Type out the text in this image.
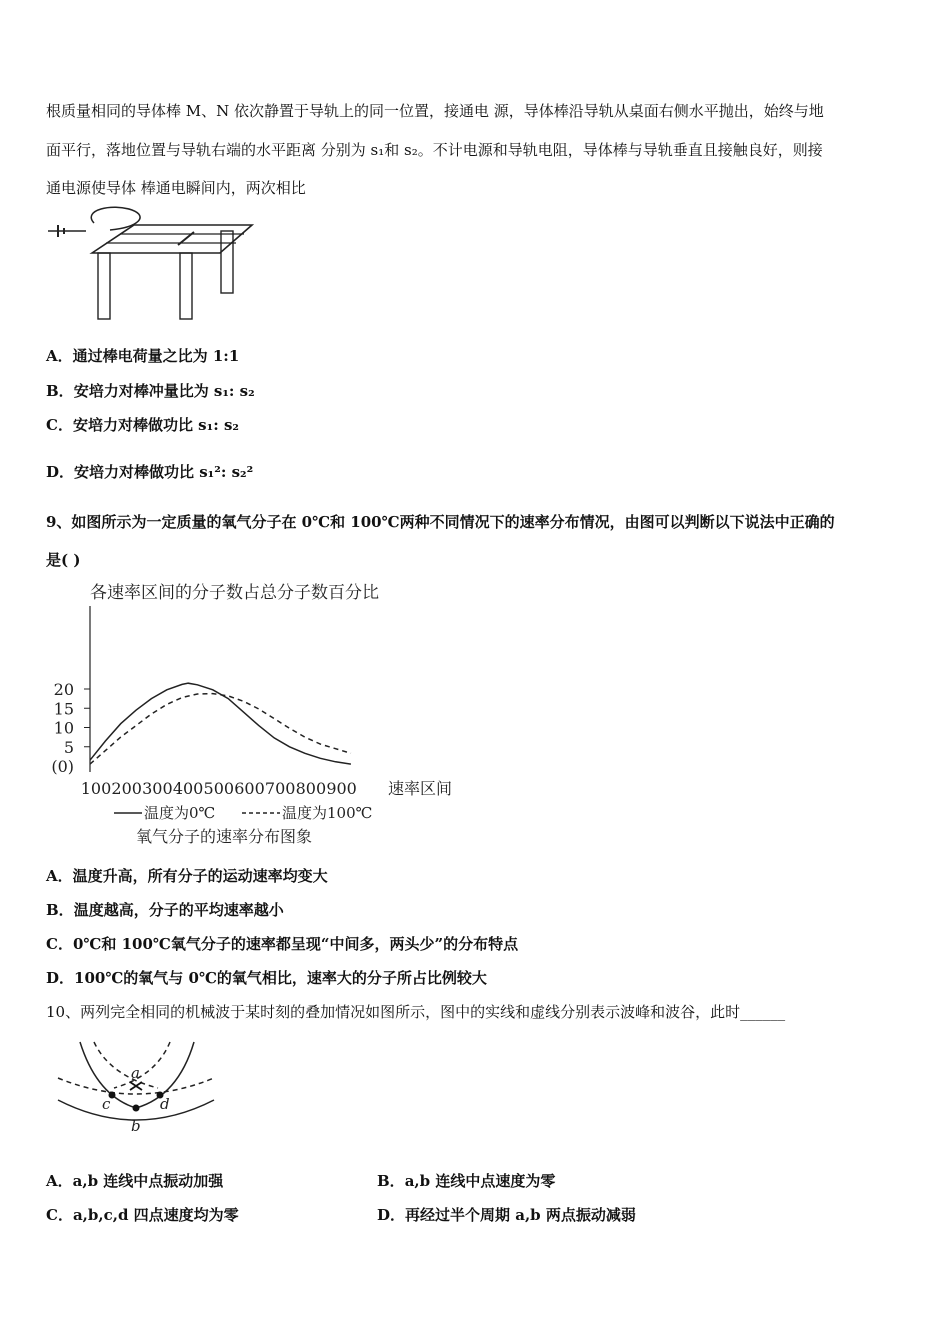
根质量相同的导体棒 M、N 依次静置于导轨上的同一位置，接通电 源，导体棒沿导轨从桌面右侧水平抛出，始终与地
面平行，落地位置与导轨右端的水平距离 分别为 s₁和 s₂。不计电源和导轨电阻，导体棒与导轨垂直且接触良好，则接
通电源使导体 棒通电瞬间内，两次相比
A．通过棒电荷量之比为 1:1
B．安培力对棒冲量比为 s₁: s₂
C．安培力对棒做功比 s₁: s₂
D．安培力对棒做功比 s₁²: s₂²
9、如图所示为一定质量的氧气分子在 0℃和 100℃两种不同情况下的速率分布情况，由图可以判断以下说法中正确的
是( )
各速率区间的分子数占总分子数百分比
(0)
5
10
15
20
100 200 300 400 500 600 700 800 900 速率区间
温度为0℃	温度为100℃
氧气分子的速率分布图象
A．温度升高，所有分子的运动速率均变大
B．温度越高，分子的平均速率越小
C．0℃和 100℃氧气分子的速率都呈现“中间多，两头少”的分布特点
D．100℃的氧气与 0℃的氧气相比，速率大的分子所占比例较大
10、两列完全相同的机械波于某时刻的叠加情况如图所示，图中的实线和虚线分别表示波峰和波谷，此时______
a
b
c	d
A．a,b 连线中点振动加强	B．a,b 连线中点速度为零
C．a,b,c,d 四点速度均为零	D．再经过半个周期 a,b 两点振动减弱
